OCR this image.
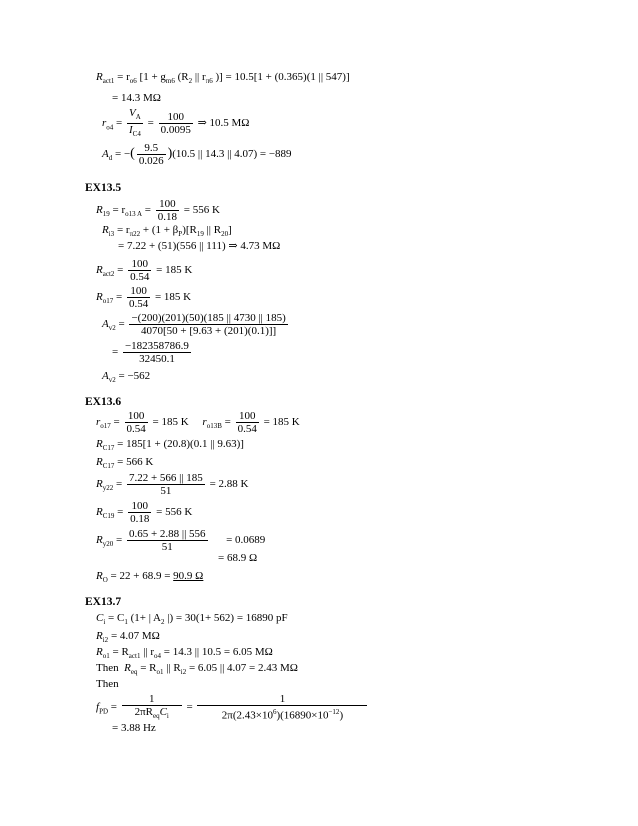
$R_{act1} = r_{o6}$ [$1 + g_{m6}$ ($R_2$ || $r_{\pi 6}$ )] = 10.5[1 + (0.365)(1 || 547)]
= 14.3 MΩ
$r_{o4} = \frac{V_A}{I_{C4}} = \frac{100}{0.0095}$ ⇒ 10.5 MΩ
$A_d$ = −( $\frac{9.5}{0.026} )(10.5$ || 14.3 || 4.07) = −889
EX13.5
$R_{19} = r_{o13 A} = \frac{100}{0.18} = 556$ K
$R_{i3} = r_{\pi 22} + (1 + \beta_P)[R_{19}$ || $R_{20}$]
= 7.22 + (51)(556 || 111) ⇒ 4.73 MΩ
$R_{act2} = \frac{100}{0.54} = 185$ K
$R_{o17} = \frac{100}{0.54} = 185$ K
$A_{v2} = \frac{-(200)(201)(50)(185 || 4730 || 185)}{4070[50 + [9.63 + (201)(0.1)]]}$
= $\frac{-182358786.9}{32450.1}$
$A_{v2} = -562$
EX13.6
$r_{o17} = \frac{100}{0.54} = 185$ K $r_{o13B} = \frac{100}{0.54} = 185$ K
$R_{C17} = 185[1 + (20.8)(0.1$ || 9.63)]
$R_{C17} = 566$ K
$R_{y22} = \frac{7.22 + 566 || 185}{51} = 2.88$ K
$R_{C19} = \frac{100}{0.18} = 556$ K
$R_{y20} = \frac{0.65 + 2.88 || 556}{51} = 0.0689$
= 68.9 Ω
$R_O = 22 + 68.9 = 90.9$ Ω
EX13.7
$C_i = C_1$ (1+ | $A_2$ |) = 30(1+ 562) = 16890 pF
$R_{i2} = 4.07$ MΩ
$R_{o1} = R_{act1}$ || $r_{o4} = 14.3$ || 10.5 = 6.05 MΩ
Then $R_{eq} = R_{o1}$ || $R_{i2} = 6.05$ || 4.07 = 2.43 MΩ
Then
$f_{PD} = \frac{1}{2\pi R_{eq}C_i} = \frac{1}{2\pi(2.43\times 10^6)(16890\times 10^{-12})}$
= 3.88 Hz
